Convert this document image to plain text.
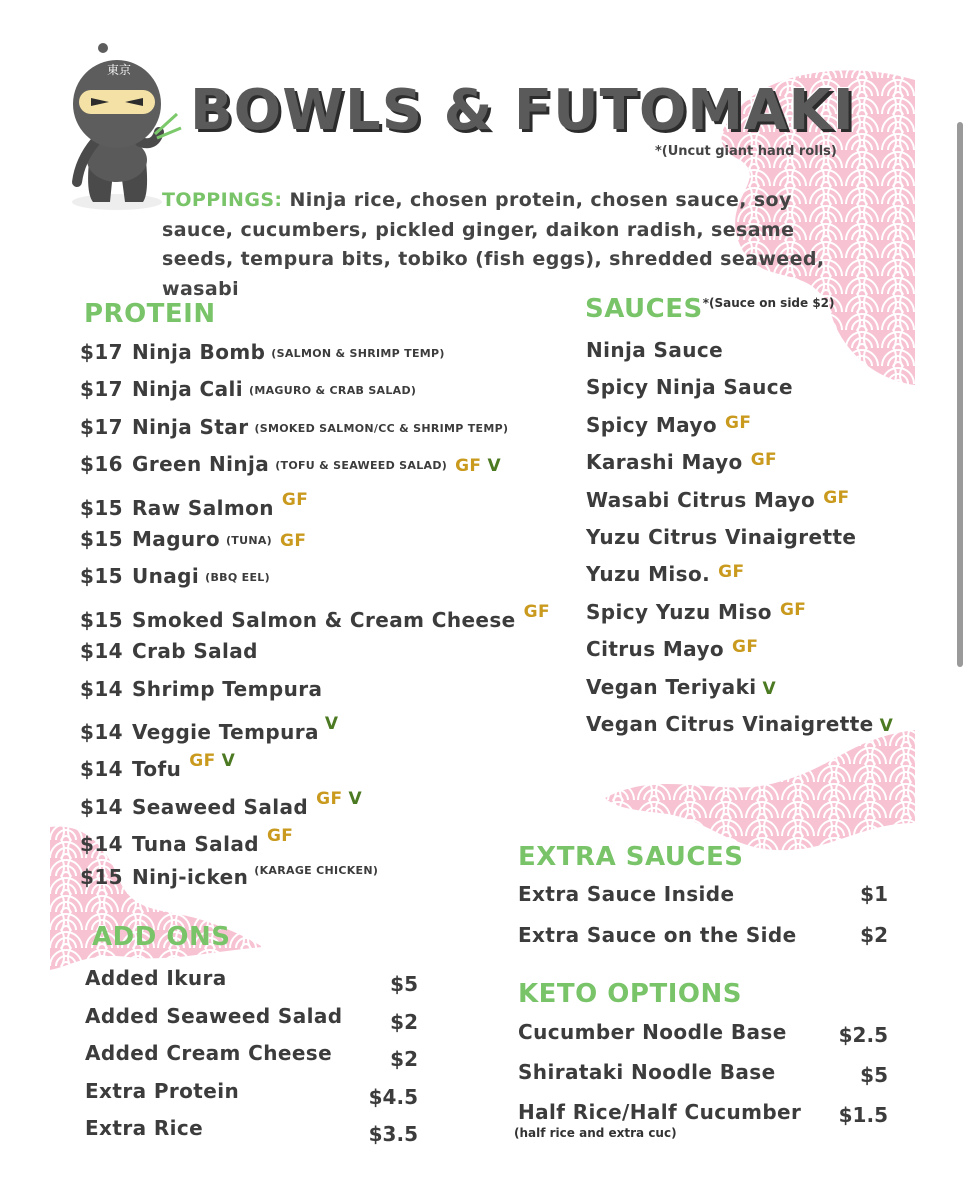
東京
BOWLS & FUTOMAKI
*(Uncut giant hand rolls)
TOPPINGS: Ninja rice, chosen protein, chosen sauce, soy sauce, cucumbers, pickled ginger, daikon radish, sesame seeds, tempura bits, tobiko (fish eggs), shredded seaweed, wasabi
PROTEIN
$17 Ninja Bomb (SALMON & SHRIMP TEMP)
$17 Ninja Cali (MAGURO & CRAB SALAD)
$17 Ninja Star (SMOKED SALMON/CC & SHRIMP TEMP)
$16 Green Ninja (TOFU & SEAWEED SALAD) GF V
$15 Raw Salmon $^{GF}$
$15 Maguro (TUNA) GF
$15 Unagi (BBQ EEL)
$15 Smoked Salmon & Cream Cheese $^{GF}$
$14 Crab Salad
$14 Shrimp Tempura
$14 Veggie Tempura $^V$
$14 Tofu $^{GF}$ $^V$
$14 Seaweed Salad $^{GF}$ $^V$
$14 Tuna Salad $^{GF}$
$15 Ninj-icken $^{(KARAGE CHICKEN)}$
SAUCES$^{*(Sauce on side \$2)}$
Ninja Sauce
Spicy Ninja Sauce
Spicy Mayo $^{GF}$
Karashi Mayo $^{GF}$
Wasabi Citrus Mayo $^{GF}$
Yuzu Citrus Vinaigrette
Yuzu Miso. $^{GF}$
Spicy Yuzu Miso $^{GF}$
Citrus Mayo $^{GF}$
Vegan Teriyaki V
Vegan Citrus Vinaigrette V
ADD ONS
Added Ikura	$5
Added Seaweed Salad $2
Added Cream Cheese	$2
Extra Protein	$4.5
Extra Rice	$3.5
EXTRA SAUCES
Extra Sauce Inside	$1
Extra Sauce on the Side	$2
KETO OPTIONS
Cucumber Noodle Base	$2.5
Shirataki Noodle Base	$5
Half Rice/Half Cucumber $1.5
(half rice and extra cuc)
